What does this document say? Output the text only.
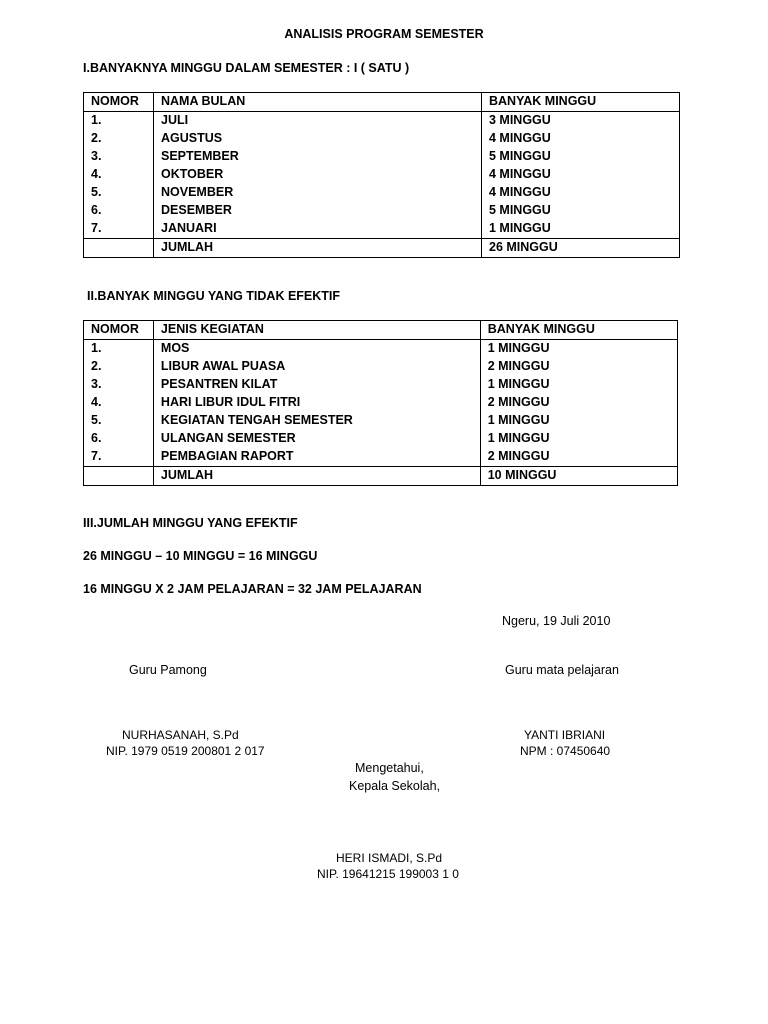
ANALISIS PROGRAM SEMESTER
I.BANYAKNYA MINGGU DALAM SEMESTER : I ( SATU )
NOMOR	NAMA BULAN	BANYAK MINGGU
1.	JULI	3 MINGGU
2.	AGUSTUS	4 MINGGU
3.	SEPTEMBER	5 MINGGU
4.	OKTOBER	4 MINGGU
5.	NOVEMBER	4 MINGGU
6.	DESEMBER	5 MINGGU
7.	JANUARI	1 MINGGU
	JUMLAH	26 MINGGU
II.BANYAK MINGGU YANG TIDAK EFEKTIF
NOMOR	JENIS KEGIATAN	BANYAK MINGGU
1.	MOS	1 MINGGU
2.	LIBUR AWAL PUASA	2 MINGGU
3.	PESANTREN KILAT	1 MINGGU
4.	HARI LIBUR IDUL FITRI	2 MINGGU
5.	KEGIATAN TENGAH SEMESTER	1 MINGGU
6.	ULANGAN SEMESTER	1 MINGGU
7.	PEMBAGIAN RAPORT	2 MINGGU
	JUMLAH	10 MINGGU
III.JUMLAH MINGGU YANG EFEKTIF
26 MINGGU – 10 MINGGU = 16 MINGGU
16 MINGGU X 2 JAM PELAJARAN = 32 JAM PELAJARAN
Ngeru, 19 Juli 2010
Guru Pamong	Guru mata pelajaran
NURHASANAH, S.Pd
NIP. 1979 0519 200801 2 017
YANTI IBRIANI
NPM : 07450640
Mengetahui,
Kepala Sekolah,
HERI ISMADI, S.Pd
NIP. 19641215 199003 1 0
